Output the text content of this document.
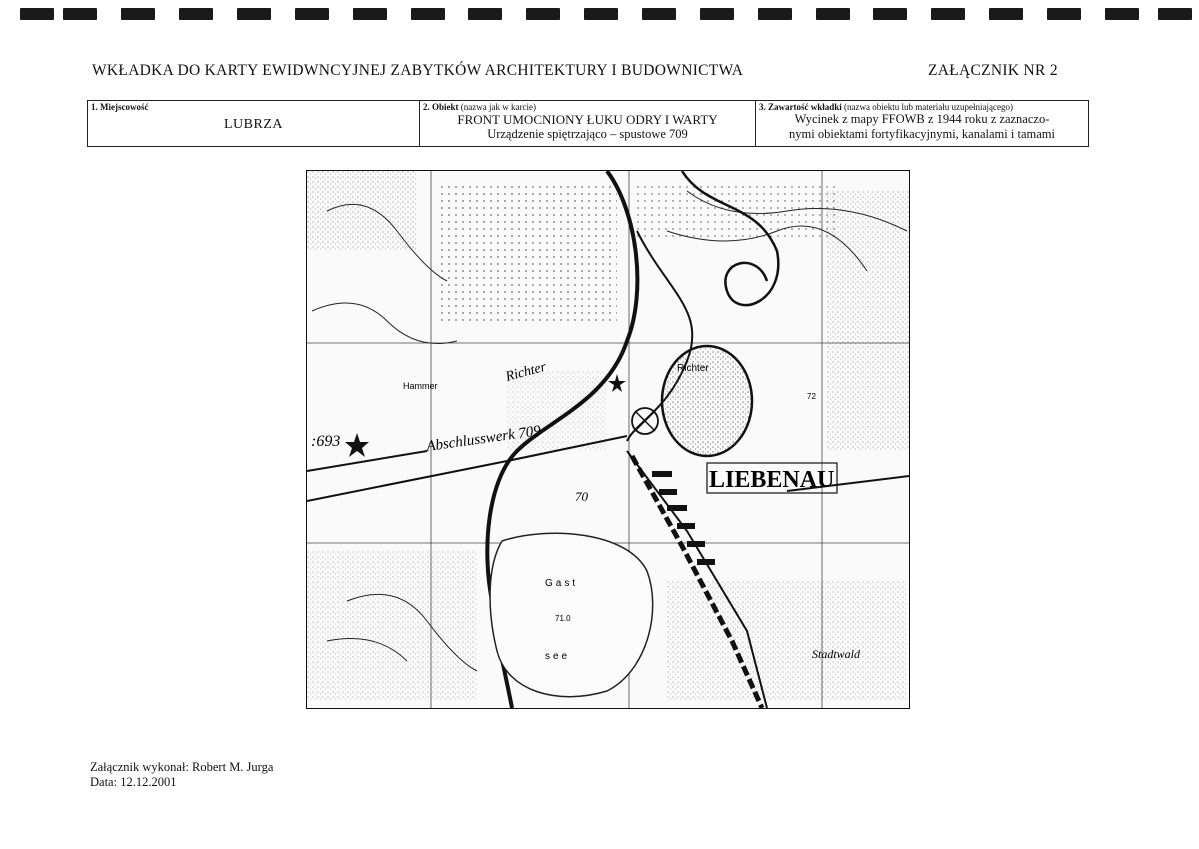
WKŁADKA DO KARTY EWIDWNCYJNEJ ZABYTKÓW ARCHITEKTURY I BUDOWNICTWA	ZAŁĄCZNIK NR 2
1. Miejscowość
LUBRZA

2. Obiekt (nazwa jak w karcie)
FRONT UMOCNIONY ŁUKU ODRY I WARTY
Urządzenie spiętrzająco – spustowe 709

3. Zawartość wkładki (nazwa obiektu lub materiału uzupełniającego)
Wycinek z mapy FFOWB z 1944 roku z zaznaczo-
nymi obiektami fortyfikacyjnymi, kanalami i tamami
LIEBENAU
:693	Abschlusswerk 709
Richter	Richter
Hammer
70
Gast
71.0
see	Stadtwald
72
Załącznik wykonał: Robert M. Jurga
Data: 12.12.2001
